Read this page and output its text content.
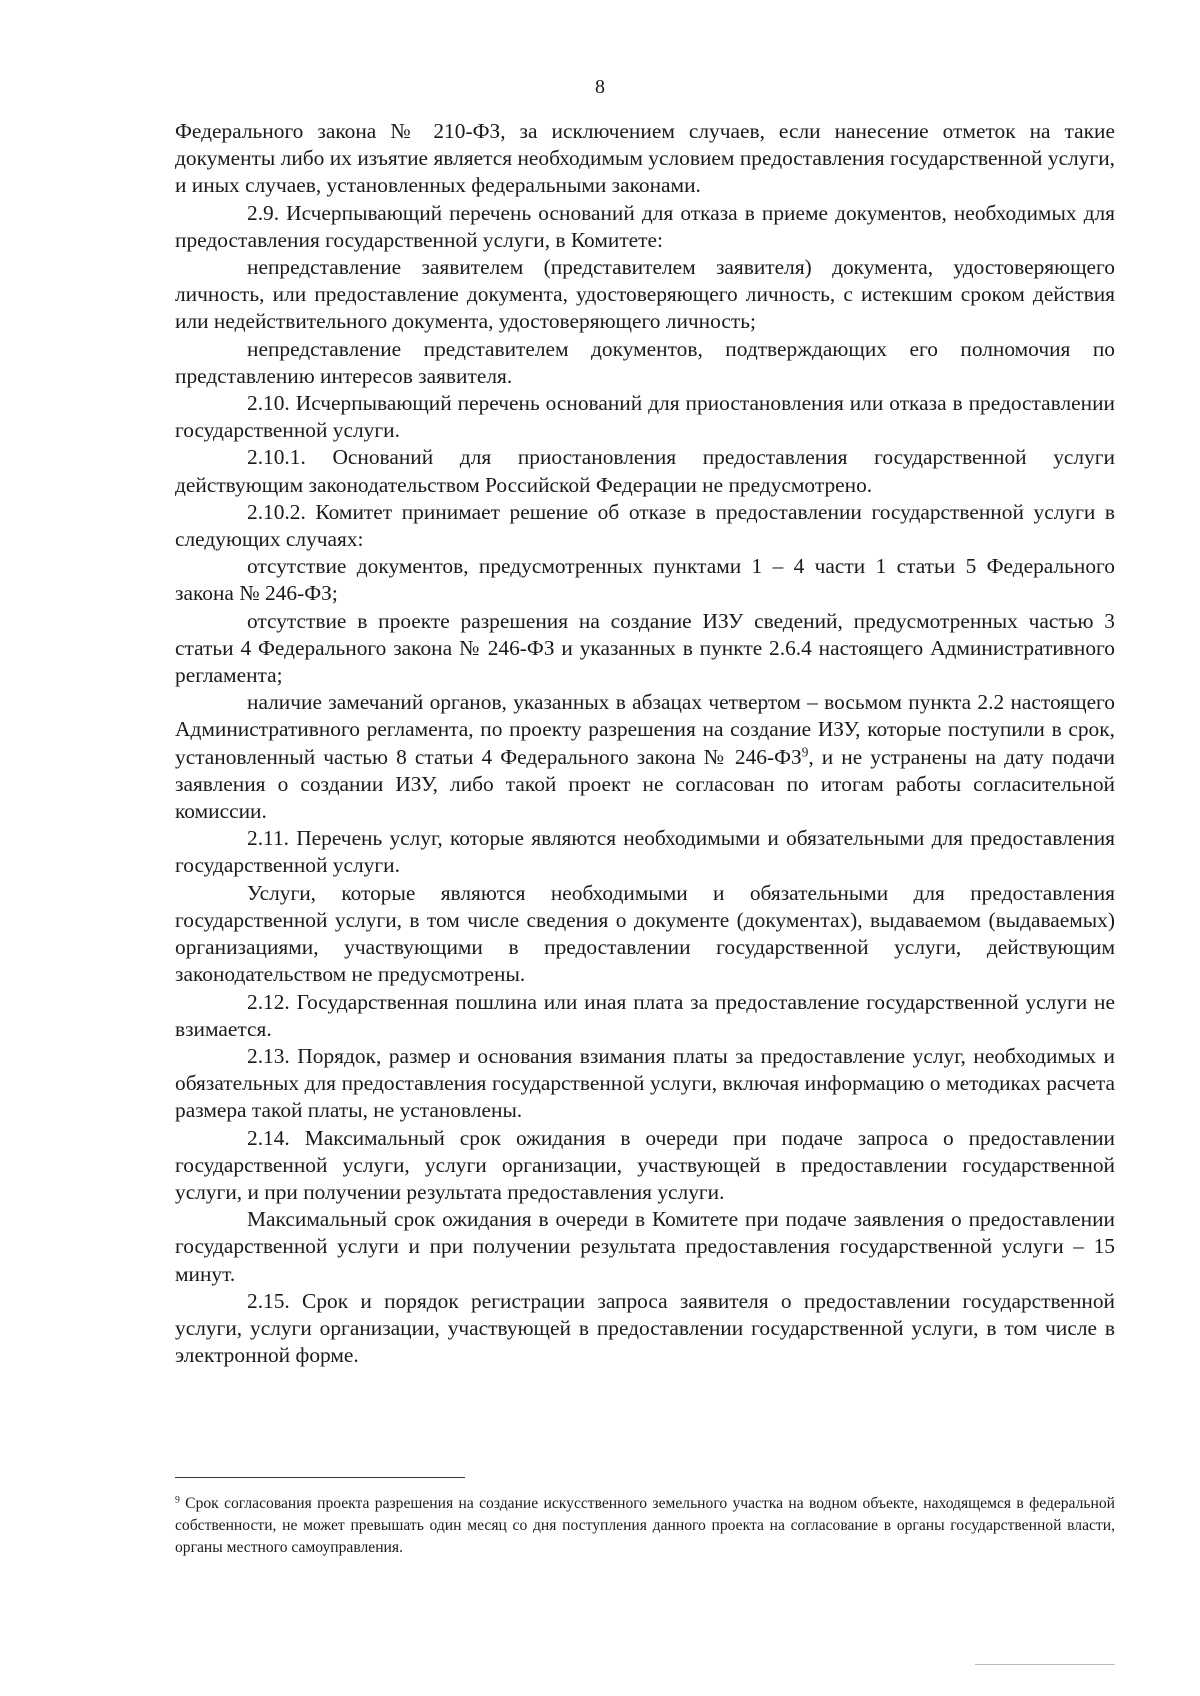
8

Федерального закона № 210-ФЗ, за исключением случаев, если нанесение отметок на такие документы либо их изъятие является необходимым условием предоставления государственной услуги, и иных случаев, установленных федеральными законами.

2.9. Исчерпывающий перечень оснований для отказа в приеме документов, необходимых для предоставления государственной услуги, в Комитете:

непредставление заявителем (представителем заявителя) документа, удостоверяющего личность, или предоставление документа, удостоверяющего личность, с истекшим сроком действия или недействительного документа, удостоверяющего личность;

непредставление представителем документов, подтверждающих его полномочия по представлению интересов заявителя.

2.10. Исчерпывающий перечень оснований для приостановления или отказа в предоставлении государственной услуги.

2.10.1. Оснований для приостановления предоставления государственной услуги действующим законодательством Российской Федерации не предусмотрено.

2.10.2. Комитет принимает решение об отказе в предоставлении государственной услуги в следующих случаях:

отсутствие документов, предусмотренных пунктами 1 – 4 части 1 статьи 5 Федерального закона № 246-ФЗ;

отсутствие в проекте разрешения на создание ИЗУ сведений, предусмотренных частью 3 статьи 4 Федерального закона № 246-ФЗ и указанных в пункте 2.6.4 настоящего Административного регламента;

наличие замечаний органов, указанных в абзацах четвертом – восьмом пункта 2.2 настоящего Административного регламента, по проекту разрешения на создание ИЗУ, которые поступили в срок, установленный частью 8 статьи 4 Федерального закона № $246-ФЗ^9$, и не устранены на дату подачи заявления о создании ИЗУ, либо такой проект не согласован по итогам работы согласительной комиссии.

2.11. Перечень услуг, которые являются необходимыми и обязательными для предоставления государственной услуги.

Услуги, которые являются необходимыми и обязательными для предоставления государственной услуги, в том числе сведения о документе (документах), выдаваемом (выдаваемых) организациями, участвующими в предоставлении государственной услуги, действующим законодательством не предусмотрены.

2.12. Государственная пошлина или иная плата за предоставление государственной услуги не взимается.

2.13. Порядок, размер и основания взимания платы за предоставление услуг, необходимых и обязательных для предоставления государственной услуги, включая информацию о методиках расчета размера такой платы, не установлены.

2.14. Максимальный срок ожидания в очереди при подаче запроса о предоставлении государственной услуги, услуги организации, участвующей в предоставлении государственной услуги, и при получении результата предоставления услуги.

Максимальный срок ожидания в очереди в Комитете при подаче заявления о предоставлении государственной услуги и при получении результата предоставления государственной услуги – 15 минут.

2.15. Срок и порядок регистрации запроса заявителя о предоставлении государственной услуги, услуги организации, участвующей в предоставлении государственной услуги, в том числе в электронной форме.

$^9$ Срок согласования проекта разрешения на создание искусственного земельного участка на водном объекте, находящемся в федеральной собственности, не может превышать один месяц со дня поступления данного проекта на согласование в органы государственной власти, органы местного самоуправления.
